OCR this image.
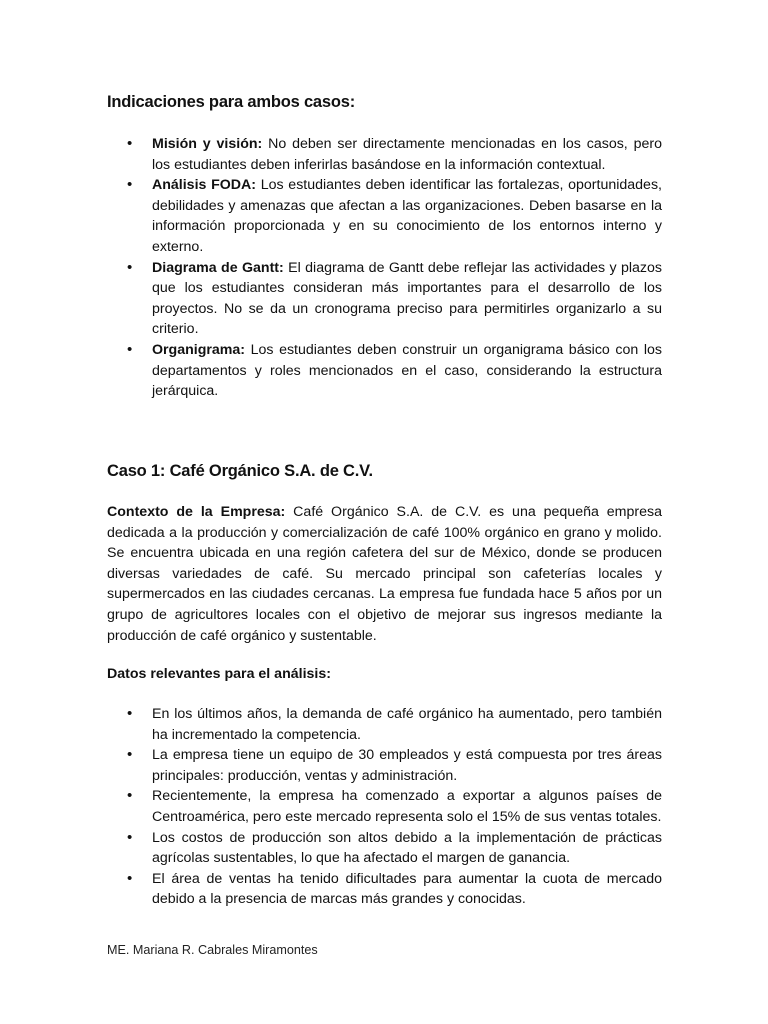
Indicaciones para ambos casos:
• Misión y visión: No deben ser directamente mencionadas en los casos, pero los estudiantes deben inferirlas basándose en la información contextual.
• Análisis FODA: Los estudiantes deben identificar las fortalezas, oportunidades, debilidades y amenazas que afectan a las organizaciones. Deben basarse en la información proporcionada y en su conocimiento de los entornos interno y externo.
• Diagrama de Gantt: El diagrama de Gantt debe reflejar las actividades y plazos que los estudiantes consideran más importantes para el desarrollo de los proyectos. No se da un cronograma preciso para permitirles organizarlo a su criterio.
• Organigrama: Los estudiantes deben construir un organigrama básico con los departamentos y roles mencionados en el caso, considerando la estructura jerárquica.
Caso 1: Café Orgánico S.A. de C.V.

Contexto de la Empresa: Café Orgánico S.A. de C.V. es una pequeña empresa dedicada a la producción y comercialización de café 100% orgánico en grano y molido. Se encuentra ubicada en una región cafetera del sur de México, donde se producen diversas variedades de café. Su mercado principal son cafeterías locales y supermercados en las ciudades cercanas. La empresa fue fundada hace 5 años por un grupo de agricultores locales con el objetivo de mejorar sus ingresos mediante la producción de café orgánico y sustentable.

Datos relevantes para el análisis:

• En los últimos años, la demanda de café orgánico ha aumentado, pero también ha incrementado la competencia.
• La empresa tiene un equipo de 30 empleados y está compuesta por tres áreas principales: producción, ventas y administración.
• Recientemente, la empresa ha comenzado a exportar a algunos países de Centroamérica, pero este mercado representa solo el 15% de sus ventas totales.
• Los costos de producción son altos debido a la implementación de prácticas agrícolas sustentables, lo que ha afectado el margen de ganancia.
• El área de ventas ha tenido dificultades para aumentar la cuota de mercado debido a la presencia de marcas más grandes y conocidas.

ME. Mariana R. Cabrales Miramontes
